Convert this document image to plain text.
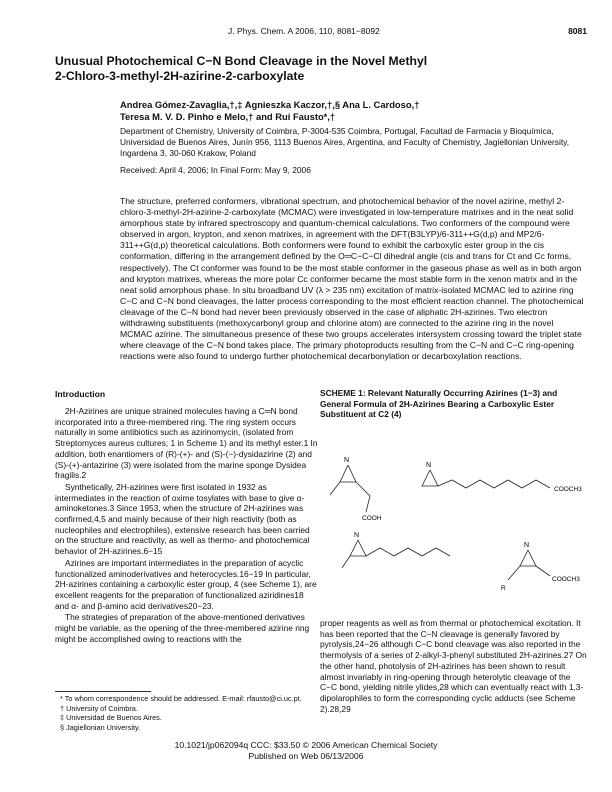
J. Phys. Chem. A 2006, 110, 8081−8092	8081
Unusual Photochemical C−N Bond Cleavage in the Novel Methyl
2-Chloro-3-methyl-2H-azirine-2-carboxylate
Andrea Gómez-Zavaglia,†,‡ Agnieszka Kaczor,†,§ Ana L. Cardoso,†
Teresa M. V. D. Pinho e Melo,† and Rui Fausto*,†
Department of Chemistry, University of Coimbra, P-3004-535 Coimbra, Portugal, Facultad de Farmacia y Bioquímica, Universidad de Buenos Aires, Junín 956, 1113 Buenos Aires, Argentina, and Faculty of Chemistry, Jagiellonian University, Ingardena 3, 30-060 Krakow, Poland
Received: April 4, 2006; In Final Form: May 9, 2006
The structure, preferred conformers, vibrational spectrum, and photochemical behavior of the novel azirine, methyl 2-chloro-3-methyl-2H-azirine-2-carboxylate (MCMAC) were investigated in low-temperature matrixes and in the neat solid amorphous state by infrared spectroscopy and quantum-chemical calculations. Two conformers of the compound were observed in argon, krypton, and xenon matrixes, in agreement with the DFT(B3LYP)/6-311++G(d,p) and MP2/6-311++G(d,p) theoretical calculations. Both conformers were found to exhibit the carboxylic ester group in the cis conformation, differing in the arrangement defined by the O═C−C−Cl dihedral angle (cis and trans for Ct and Cc forms, respectively). The Ct conformer was found to be the most stable conformer in the gaseous phase as well as in both argon and krypton matrixes, whereas the more polar Cc conformer became the most stable form in the xenon matrix and in the neat solid amorphous phase. In situ broadband UV (λ > 235 nm) excitation of matrix-isolated MCMAC led to azirine ring C−C and C−N bond cleavages, the latter process corresponding to the most efficient reaction channel. The photochemical cleavage of the C−N bond had never been previously observed in the case of aliphatic 2H-azirines. Two electron withdrawing substituents (methoxycarbonyl group and chlorine atom) are connected to the azirine ring in the novel MCMAC azirine. The simultaneous presence of these two groups accelerates intersystem crossing toward the triplet state where cleavage of the C−N bond takes place. The primary photoproducts resulting from the C−N and C−C ring-opening reactions were also found to undergo further photochemical decarbonylation or decarboxylation reactions.
Introduction

2H-Azirines are unique strained molecules having a C═N bond incorporated into a three-membered ring. The ring system occurs naturally in some antibiotics such as azirinomycin, (isolated from Streptomyces aureus cultures; 1 in Scheme 1) and its methyl ester.1 In addition, both enantiomers of (R)-(+)- and (S)-(−)-dysidazirine (2) and (S)-(+)-antazirine (3) were isolated from the marine sponge Dysidea fragilis.2

Synthetically, 2H-azirines were first isolated in 1932 as intermediates in the reaction of oxime tosylates with base to give α-aminoketones.3 Since 1953, when the structure of 2H-azirines was confirmed,4,5 and mainly because of their high reactivity (both as nucleophiles and electrophiles), extensive research has been carried on the structure and reactivity, as well as thermo- and photochemical behavior of 2H-azirines.6−15

Azirines are important intermediates in the preparation of acyclic functionalized aminoderivatives and heterocycles.16−19 In particular, 2H-azirines containing a carboxylic ester group, 4 (see Scheme 1), are excellent reagents for the preparation of functionalized aziridines18 and α- and β-amino acid derivatives20−23.

The strategies of preparation of the above-mentioned derivatives might be variable, as the opening of the three-membered azirine ring might be accomplished owing to reactions with the

SCHEME 1: Relevant Naturally Occurring Azirines (1−3) and General Formula of 2H-Azirines Bearing a Carboxylic Ester Substituent at C2 (4)
N
COOH
N
COOCH3
N
N
R
COOCH3

proper reagents as well as from thermal or photochemical excitation. It has been reported that the C−N cleavage is generally favored by pyrolysis,24−26 although C−C bond cleavage was also reported in the thermolysis of a series of 2-alkyl-3-phenyl substituted 2H-azirines.27 On the other hand, photolysis of 2H-azirines has been shown to result almost invariably in ring-opening through heterolytic cleavage of the C−C bond, yielding nitrile ylides,28 which can eventually react with 1,3-dipolarophiles to form the corresponding cyclic adducts (see Scheme 2).28,29

* To whom correspondence should be addressed. E-mail: rfausto@ci.uc.pt.
† University of Coimbra.
‡ Universidad de Buenos Aires.
§ Jagiellonian University.
10.1021/jp062094q CCC: $33.50 © 2006 American Chemical Society
Published on Web 06/13/2006
